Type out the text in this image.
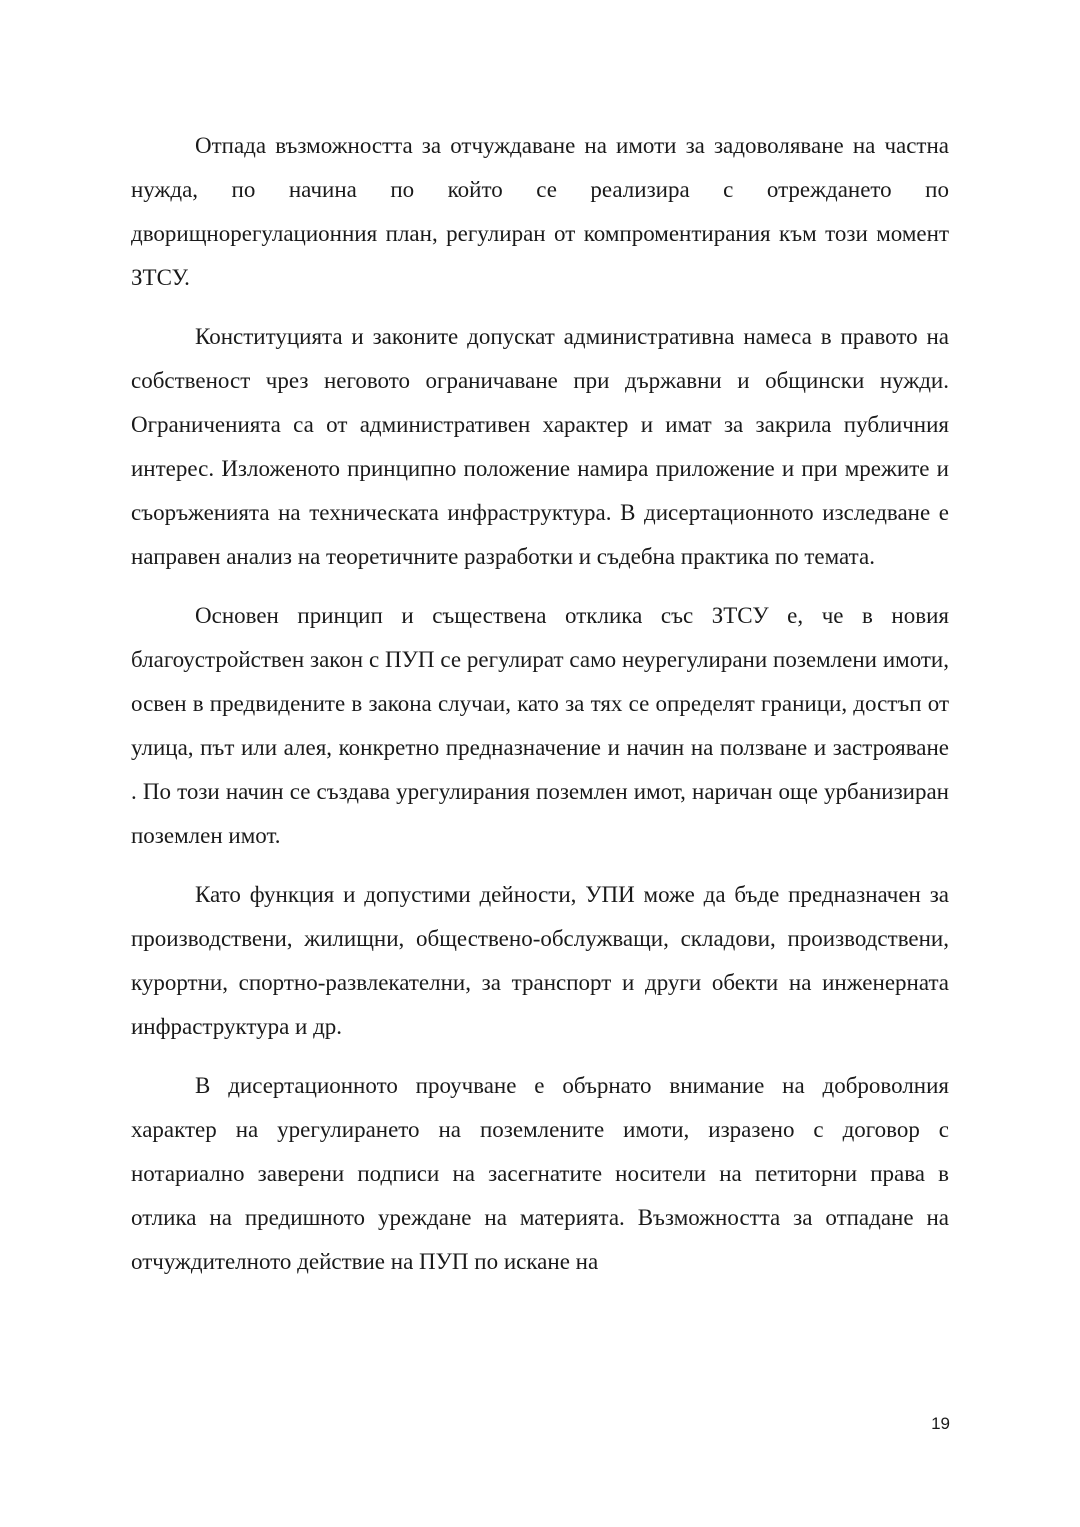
Отпада възможността за отчуждаване на имоти за задоволяване на частна нужда, по начина по който се реализира с отреждането по дворищнорегулационния план, регулиран от компроментирания към този момент ЗТСУ.

Конституцията и законите допускат административна намеса в правото на собственост чрез неговото ограничаване при държавни и общински нужди. Ограниченията са от административен характер и имат за закрила публичния интерес. Изложеното принципно положение намира приложение и при мрежите и съоръженията на техническата инфраструктура. В дисертационното изследване е направен анализ на теоретичните разработки и съдебна практика по темата.

Основен принцип и съществена отклика със ЗТСУ е, че в новия благоустройствен закон с ПУП се регулират само неурегулирани поземлени имоти, освен в предвидените в закона случаи, като за тях се определят граници, достъп от улица, път или алея, конкретно предназначение и начин на ползване и застрояване . По този начин се създава урегулирания поземлен имот, наричан още урбанизиран поземлен имот.

Като функция и допустими дейности, УПИ може да бъде предназначен за производствени, жилищни, обществено-обслужващи, складови, производствени, курортни, спортно-развлекателни, за транспорт и други обекти на инженерната инфраструктура и др.

В дисертационното проучване е обърнато внимание на доброволния характер на урегулирането на поземлените имоти, изразено с договор с нотариално заверени подписи на засегнатите носители на петиторни права в отлика на предишното уреждане на материята. Възможността за отпадане на отчуждителното действие на ПУП по искане на

19
